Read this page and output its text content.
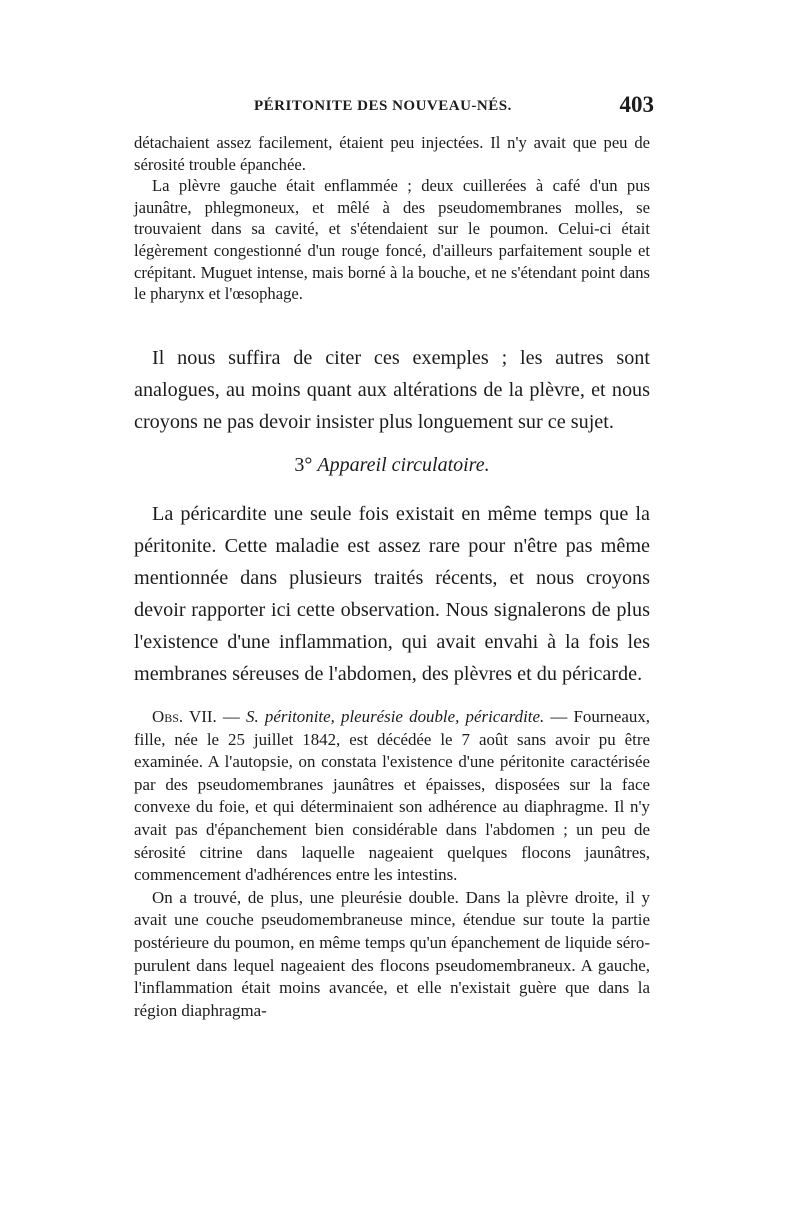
PÉRITONITE DES NOUVEAU-NÉS.	403

détachaient assez facilement, étaient peu injectées. Il n'y avait que peu de sérosité trouble épanchée.

La plèvre gauche était enflammée ; deux cuillerées à café d'un pus jaunâtre, phlegmoneux, et mêlé à des pseudomembranes molles, se trouvaient dans sa cavité, et s'étendaient sur le poumon. Celui-ci était légèrement congestionné d'un rouge foncé, d'ailleurs parfaitement souple et crépitant. Muguet intense, mais borné à la bouche, et ne s'étendant point dans le pharynx et l'œsophage.

Il nous suffira de citer ces exemples ; les autres sont analogues, au moins quant aux altérations de la plèvre, et nous croyons ne pas devoir insister plus longuement sur ce sujet.
3° Appareil circulatoire.
La péricardite une seule fois existait en même temps que la péritonite. Cette maladie est assez rare pour n'être pas même mentionnée dans plusieurs traités récents, et nous croyons devoir rapporter ici cette observation. Nous signalerons de plus l'existence d'une inflammation, qui avait envahi à la fois les membranes séreuses de l'abdomen, des plèvres et du péricarde.

Obs. VII. — S. péritonite, pleurésie double, péricardite. — Fourneaux, fille, née le 25 juillet 1842, est décédée le 7 août sans avoir pu être examinée. A l'autopsie, on constata l'existence d'une péritonite caractérisée par des pseudomembranes jaunâtres et épaisses, disposées sur la face convexe du foie, et qui déterminaient son adhérence au diaphragme. Il n'y avait pas d'épanchement bien considérable dans l'abdomen ; un peu de sérosité citrine dans laquelle nageaient quelques flocons jaunâtres, commencement d'adhérences entre les intestins.

On a trouvé, de plus, une pleurésie double. Dans la plèvre droite, il y avait une couche pseudomembraneuse mince, étendue sur toute la partie postérieure du poumon, en même temps qu'un épanchement de liquide séro-purulent dans lequel nageaient des flocons pseudomembraneux. A gauche, l'inflammation était moins avancée, et elle n'existait guère que dans la région diaphragma-
